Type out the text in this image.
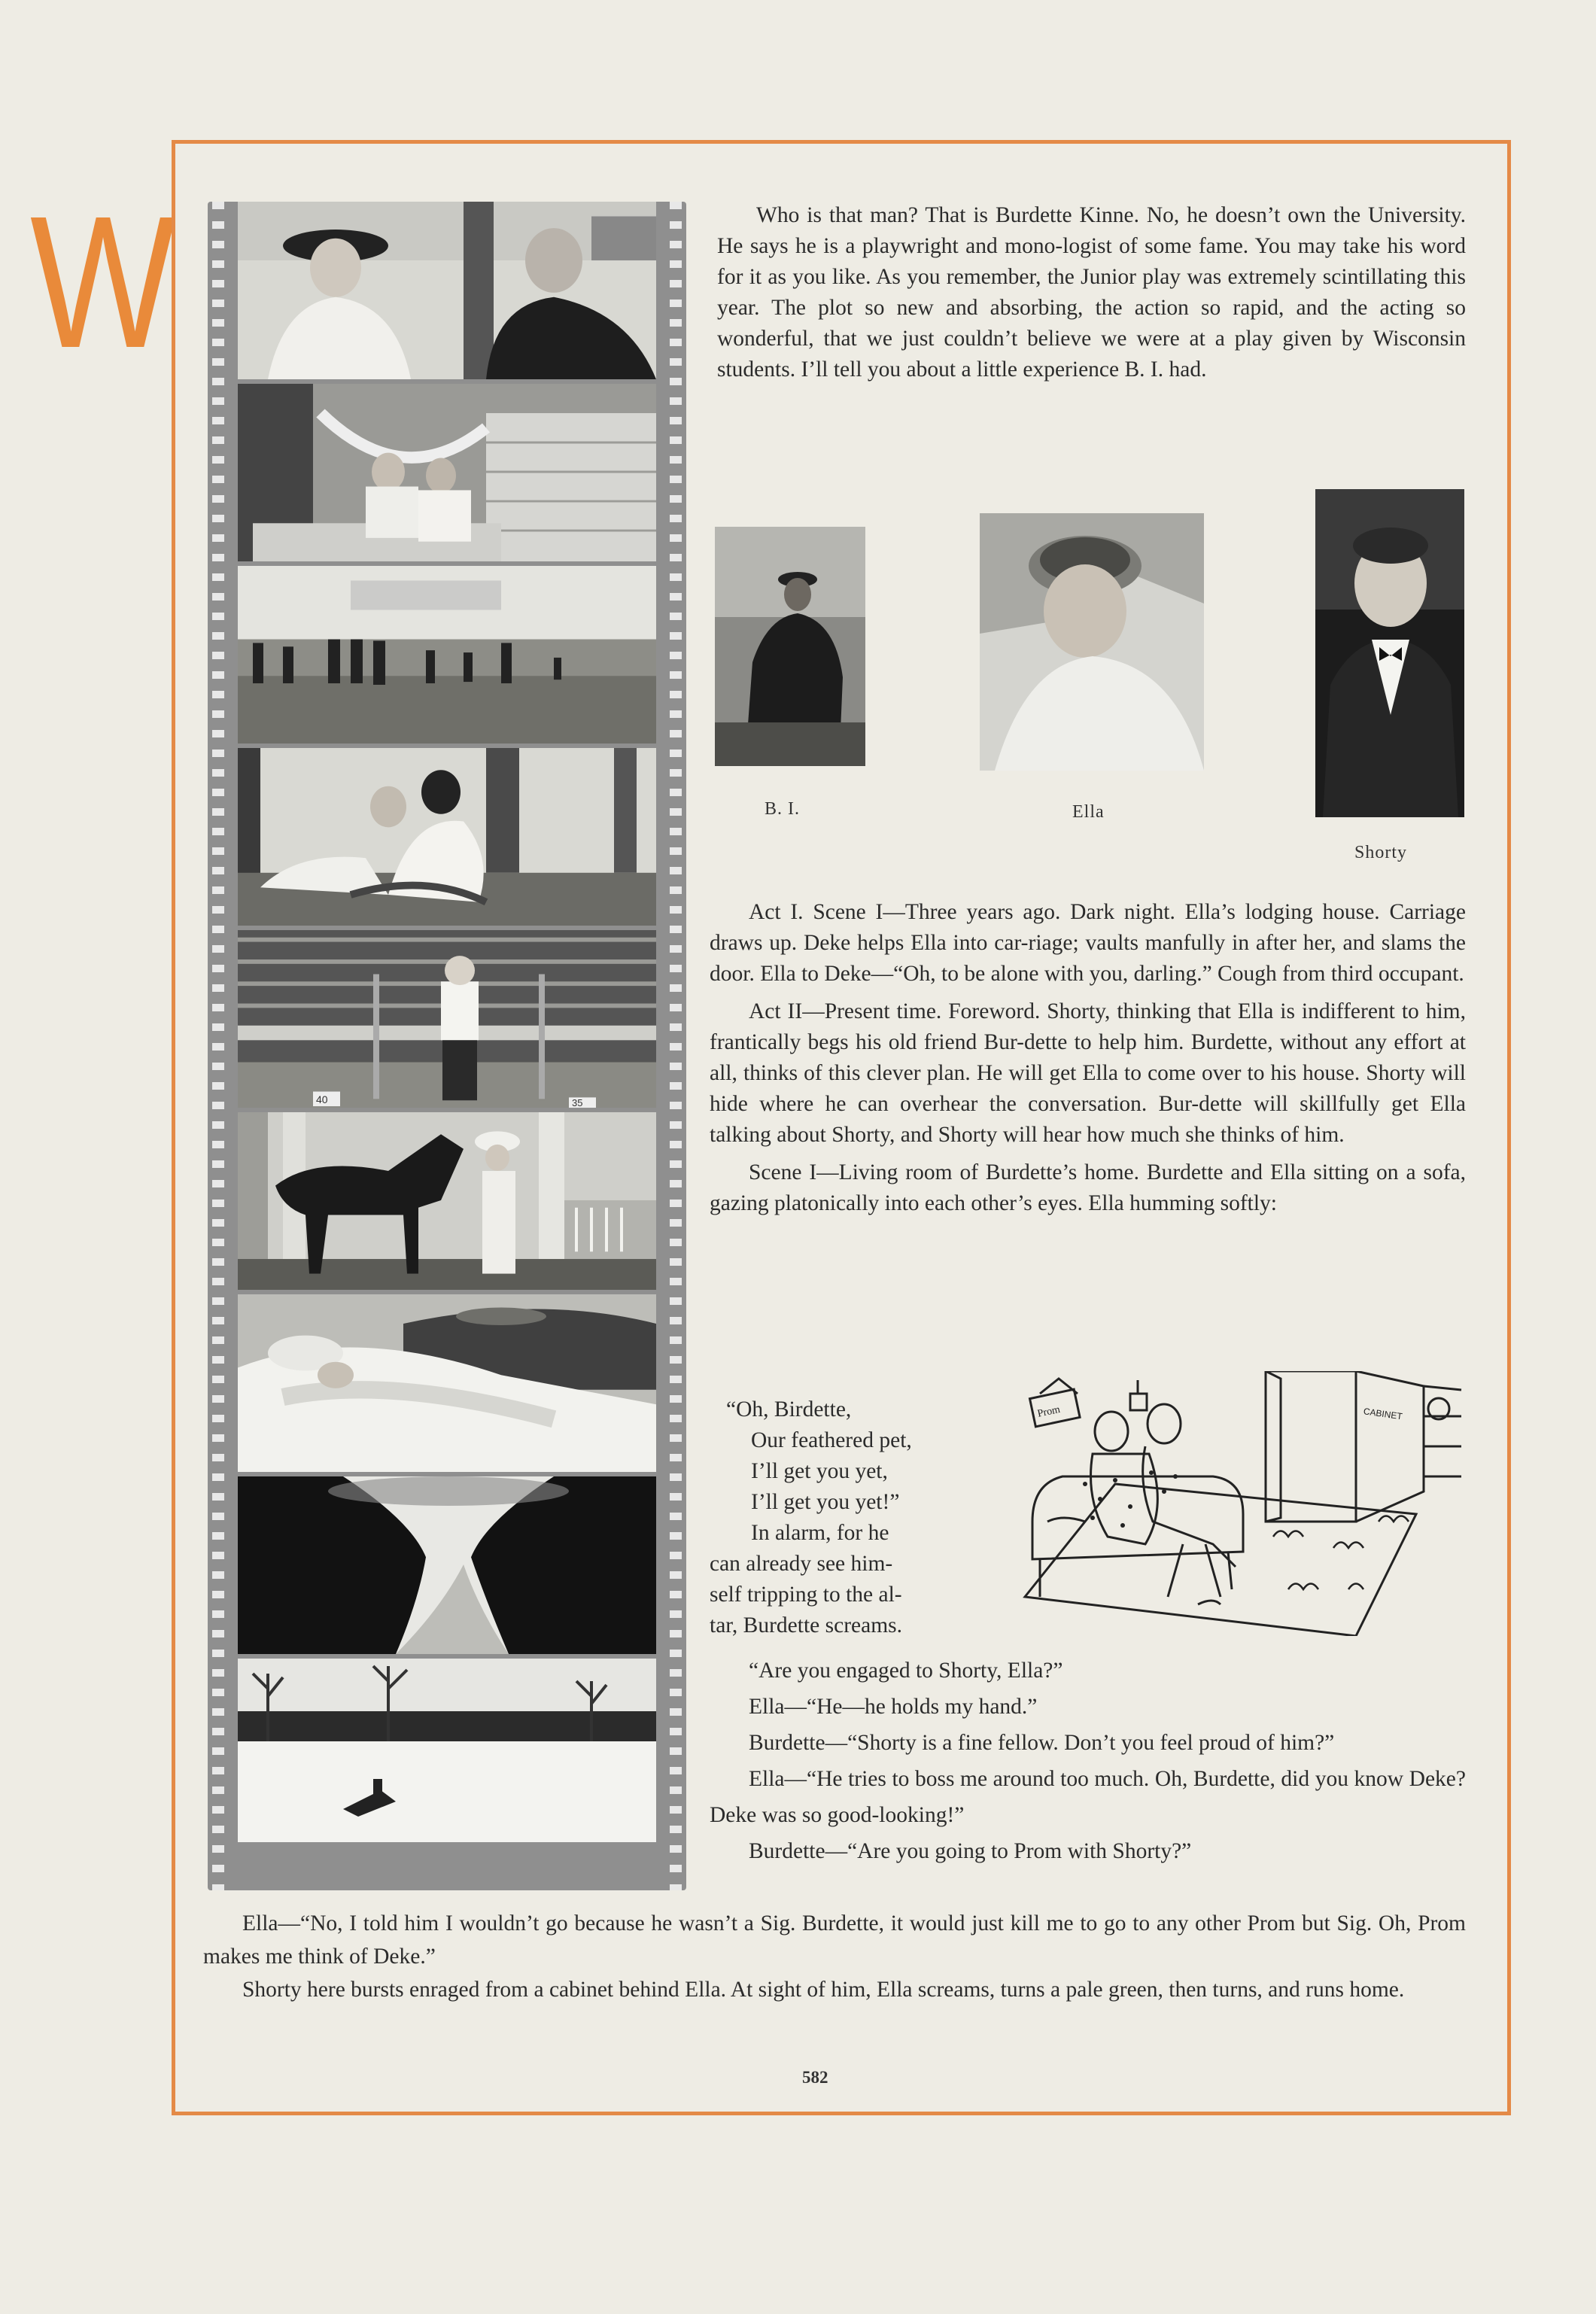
W
40	35

Who is that man? That is Burdette Kinne. No, he doesn’t own the University. He says he is a playwright and mono-logist of some fame. You may take his word for it as you like. As you remember, the Junior play was extremely scintillating this year. The plot so new and absorbing, the action so rapid, and the acting so wonderful, that we just couldn’t believe we were at a play given by Wisconsin students. I’ll tell you about a little experience B. I. had.

B. I.	Ella
Shorty

Act I. Scene I—Three years ago. Dark night. Ella’s lodging house. Carriage draws up. Deke helps Ella into car-riage; vaults manfully in after her, and slams the door. Ella to Deke—“Oh, to be alone with you, darling.” Cough from third occupant.

Act II—Present time. Foreword. Shorty, thinking that Ella is indifferent to him, frantically begs his old friend Bur-dette to help him. Burdette, without any effort at all, thinks of this clever plan. He will get Ella to come over to his house. Shorty will hide where he can overhear the conversation. Bur-dette will skillfully get Ella talking about Shorty, and Shorty will hear how much she thinks of him.

Scene I—Living room of Burdette’s home. Burdette and Ella sitting on a sofa, gazing platonically into each other’s eyes. Ella humming softly:

“Oh, Birdette,

Our feathered pet,

I’ll get you yet,

I’ll get you yet!”

In alarm, for he

can already see him-

self tripping to the al-

tar, Burdette screams.

Prom	CABINET

“Are you engaged to Shorty, Ella?”

Ella—“He—he holds my hand.”

Burdette—“Shorty is a fine fellow. Don’t you feel proud of him?”

Ella—“He tries to boss me around too much. Oh, Burdette, did you know Deke? Deke was so good-looking!”

Burdette—“Are you going to Prom with Shorty?”

Ella—“No, I told him I wouldn’t go because he wasn’t a Sig. Burdette, it would just kill me to go to any other Prom but Sig. Oh, Prom makes me think of Deke.”

Shorty here bursts enraged from a cabinet behind Ella. At sight of him, Ella screams, turns a pale green, then turns, and runs home.

582
